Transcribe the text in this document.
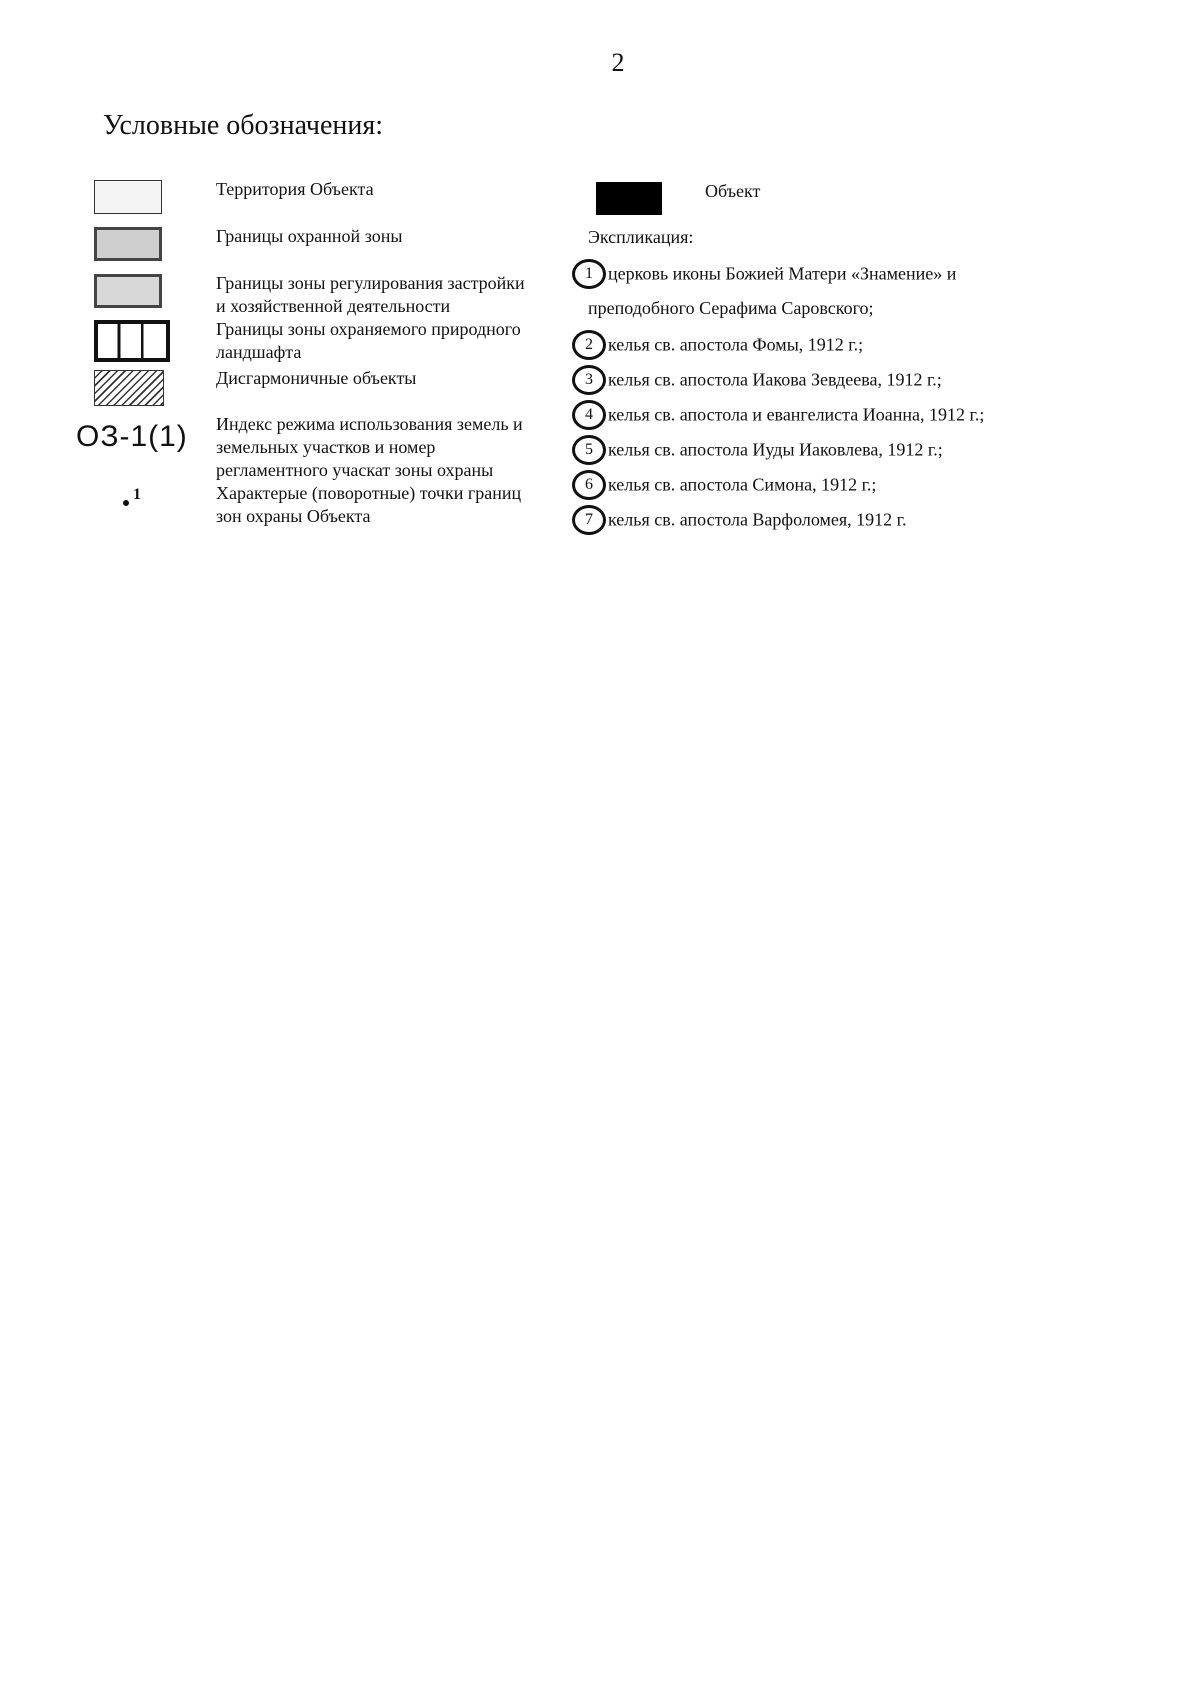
2
Условные обозначения:
ОЗ-1(1)
1
Территория Объекта
Границы охранной зоны
Границы зоны регулирования застройки
и хозяйственной деятельности
Границы зоны охраняемого природного
ландшафта
Дисгармоничные объекты
Индекс режима использования земель и
земельных участков и номер
регламентного учаскат зоны охраны
Характерые (поворотные) точки границ
зон охраны Объекта
Объект
Экспликация:
1 церковь иконы Божией Матери «Знамение» и
преподобного Серафима Саровского;
2 келья св. апостола Фомы, 1912 г.;
3 келья св. апостола Иакова Зевдеева, 1912 г.;
4 келья св. апостола и евангелиста Иоанна, 1912 г.;
5 келья св. апостола Иуды Иаковлева, 1912 г.;
6 келья св. апостола Симона, 1912 г.;
7 келья св. апостола Варфоломея, 1912 г.
